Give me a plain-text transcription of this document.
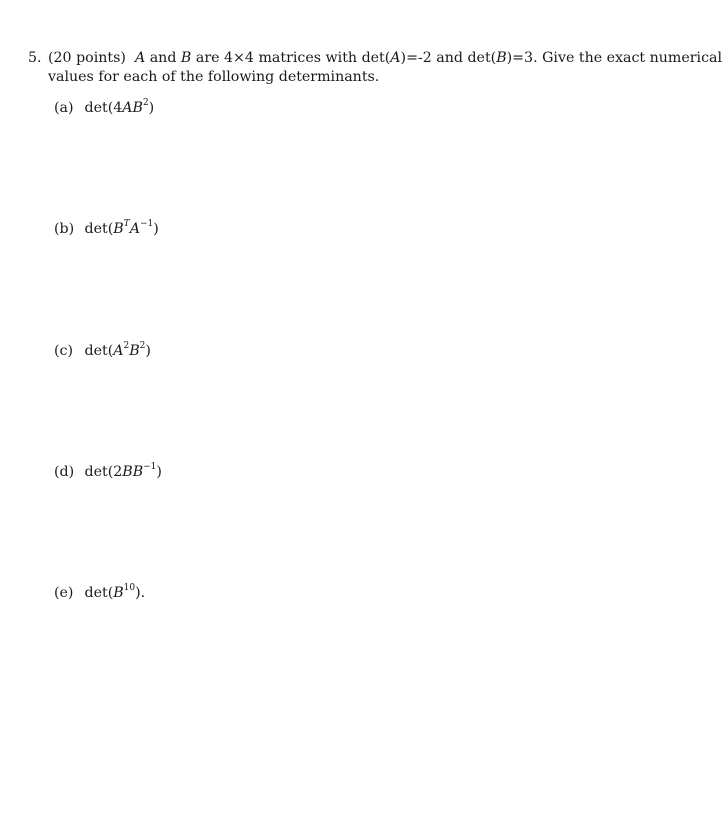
5. (20 points) A and B are 4×4 matrices with det(A)=-2 and det(B)=3. Give the exact numerical
values for each of the following determinants.
(a) $\det(4AB^2)$
(b) $\det(B^TA^{-1})$
(c) $\det(A^2B^2)$
(d) $\det(2BB^{-1})$
(e) $\det(B^{10})$.
